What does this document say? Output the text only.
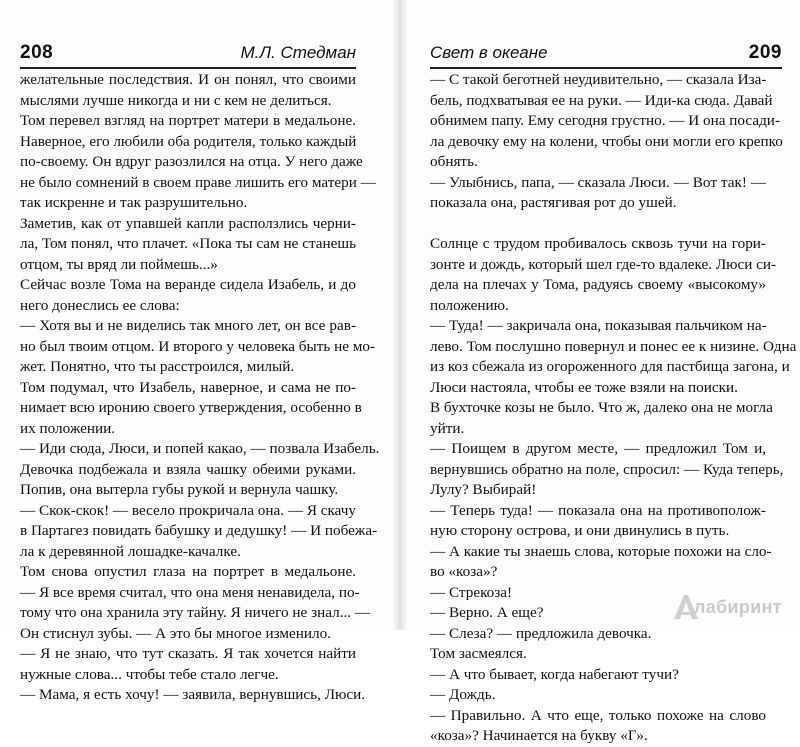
208	М.Л. Стедман
желательные последствия. И он понял, что своими
мыслями лучше никогда и ни с кем не делиться.
Том перевел взгляд на портрет матери в медальоне.
Наверное, его любили оба родителя, только каждый
по-своему. Он вдруг разозлился на отца. У него даже
не было сомнений в своем праве лишить его матери —
так искренне и так разрушительно.
Заметив, как от упавшей капли расползлись черни-
ла, Том понял, что плачет. «Пока ты сам не станешь
отцом, ты вряд ли поймешь...»
Сейчас возле Тома на веранде сидела Изабель, и до
него донеслись ее слова:
— Хотя вы и не виделись так много лет, он все рав-
но был твоим отцом. И второго у человека быть не мо-
жет. Понятно, что ты расстроился, милый.
Том подумал, что Изабель, наверное, и сама не по-
нимает всю иронию своего утверждения, особенно в
их положении.
— Иди сюда, Люси, и попей какао, — позвала Изабель.
Девочка подбежала и взяла чашку обеими руками.
Попив, она вытерла губы рукой и вернула чашку.
— Скок-скок! — весело прокричала она. — Я скачу
в Партагез повидать бабушку и дедушку! — И побежа-
ла к деревянной лошадке-качалке.
Том снова опустил глаза на портрет в медальоне.
— Я все время считал, что она меня ненавидела, по-
тому что она хранила эту тайну. Я ничего не знал... —
Он стиснул зубы. — А это бы многое изменило.
— Я не знаю, что тут сказать. Я так хочется найти
нужные слова... чтобы тебе стало легче.
— Мама, я есть хочу! — заявила, вернувшись, Люси.
Свет в океане	209
— С такой беготней неудивительно, — сказала Иза-
бель, подхватывая ее на руки. — Иди-ка сюда. Давай
обнимем папу. Ему сегодня грустно. — И она посади-
ла девочку ему на колени, чтобы они могли его крепко
обнять.
— Улыбнись, папа, — сказала Люси. — Вот так! —
показала она, растягивая рот до ушей.
Солнце с трудом пробивалось сквозь тучи на гори-
зонте и дождь, который шел где-то вдалеке. Люси си-
дела на плечах у Тома, радуясь своему «высокому»
положению.
— Туда! — закричала она, показывая пальчиком на-
лево. Том послушно повернул и понес ее к низине. Одна
из коз сбежала из огороженного для пастбища загона, и
Люси настояла, чтобы ее тоже взяли на поиски.
В бухточке козы не было. Что ж, далеко она не могла
уйти.
— Поищем в другом месте, — предложил Том и,
вернувшись обратно на поле, спросил: — Куда теперь,
Лулу? Выбирай!
— Теперь туда! — показала она на противополож-
ную сторону острова, и они двинулись в путь.
— А какие ты знаешь слова, которые похожи на сло-
во «коза»?
— Стрекоза!
— Верно. А еще?
— Слеза? — предложила девочка.
Том засмеялся.
— А что бывает, когда набегают тучи?
— Дождь.
— Правильно. А что еще, только похоже на слово
«коза»? Начинается на букву «Г».
лабиринт
